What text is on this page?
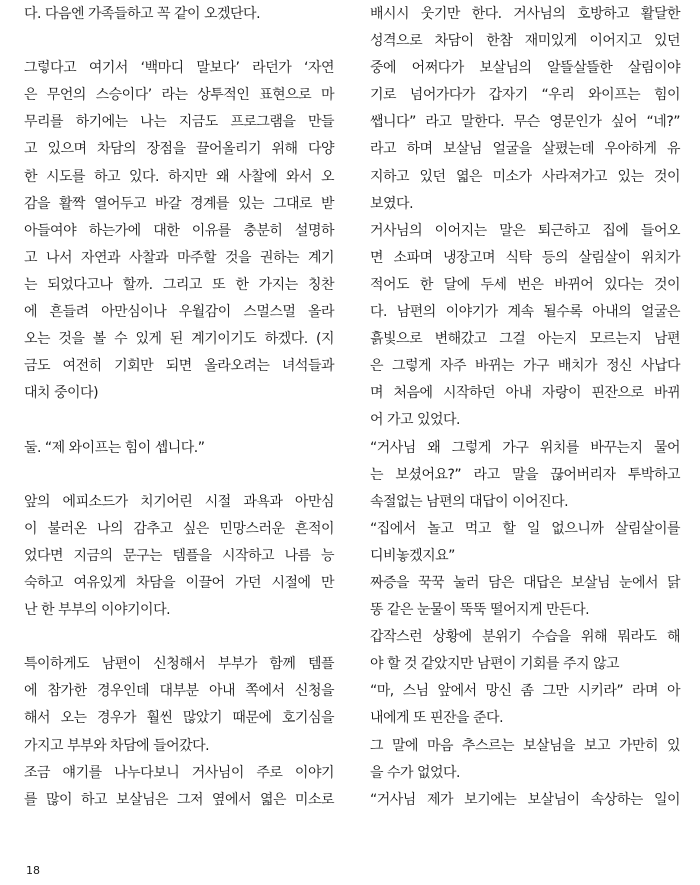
다. 다음엔 가족들하고 꼭 같이 오겠단다.
그렇다고 여기서 ‘백마디 말보다’ 라던가 ‘자연
은 무언의 스승이다’ 라는 상투적인 표현으로 마
무리를 하기에는 나는 지금도 프로그램을 만들
고 있으며 차담의 장점을 끌어올리기 위해 다양
한 시도를 하고 있다. 하지만 왜 사찰에 와서 오
감을 활짝 열어두고 바갈 경계를 있는 그대로 받
아들여야 하는가에 대한 이유를 충분히 설명하
고 나서 자연과 사찰과 마주할 것을 권하는 계기
는 되었다고나 할까. 그리고 또 한 가지는 칭찬
에 흔들려 아만심이나 우월감이 스멀스멀 올라
오는 것을 볼 수 있게 된 계기이기도 하겠다. (지
금도 여전히 기회만 되면 올라오려는 녀석들과
대치 중이다)
둘. “제 와이프는 힘이 셉니다.”
앞의 에피소드가 치기어린 시절 과욕과 아만심
이 불러온 나의 감추고 싶은 민망스러운 흔적이
었다면 지금의 문구는 템플을 시작하고 나름 능
숙하고 여유있게 차담을 이끌어 가던 시절에 만
난 한 부부의 이야기이다.
특이하게도 남편이 신청해서 부부가 함께 템플
에 참가한 경우인데 대부분 아내 쪽에서 신청을
해서 오는 경우가 훨씬 많았기 때문에 호기심을
가지고 부부와 차담에 들어갔다.
조금 얘기를 나누다보니 거사님이 주로 이야기
를 많이 하고 보살님은 그저 옆에서 엷은 미소로
배시시 웃기만 한다. 거사님의 호방하고 활달한
성격으로 차담이 한참 재미있게 이어지고 있던
중에 어쩌다가 보살님의 알뜰살뜰한 살림이야
기로 넘어가다가 갑자기 “우리 와이프는 힘이
쌥니다” 라고 말한다. 무슨 영문인가 싶어 “네?”
라고 하며 보살님 얼굴을 살폈는데 우아하게 유
지하고 있던 엷은 미소가 사라져가고 있는 것이
보였다.
거사님의 이어지는 말은 퇴근하고 집에 들어오
면 소파며 냉장고며 식탁 등의 살림살이 위치가
적어도 한 달에 두세 번은 바뀌어 있다는 것이
다. 남편의 이야기가 계속 될수록 아내의 얼굴은
흙빛으로 변해갔고 그걸 아는지 모르는지 남편
은 그렇게 자주 바뀌는 가구 배치가 정신 사납다
며 처음에 시작하던 아내 자랑이 핀잔으로 바뀌
어 가고 있었다.
“거사님 왜 그렇게 가구 위치를 바꾸는지 물어
는 보셨어요?” 라고 말을 끊어버리자 투박하고
속절없는 남편의 대답이 이어진다.
“집에서 놀고 먹고 할 일 없으니까 살림살이를
디비놓겠지요”
짜증을 꾹꾹 눌러 담은 대답은 보살님 눈에서 닭
똥 같은 눈물이 뚝뚝 떨어지게 만든다.
갑작스런 상황에 분위기 수습을 위해 뭐라도 해
야 할 것 같았지만 남편이 기회를 주지 않고
“마, 스님 앞에서 망신 좀 그만 시키라” 라며 아
내에게 또 핀잔을 준다.
그 말에 마음 추스르는 보살님을 보고 가만히 있
을 수가 없었다.
“거사님 제가 보기에는 보살님이 속상하는 일이
18
